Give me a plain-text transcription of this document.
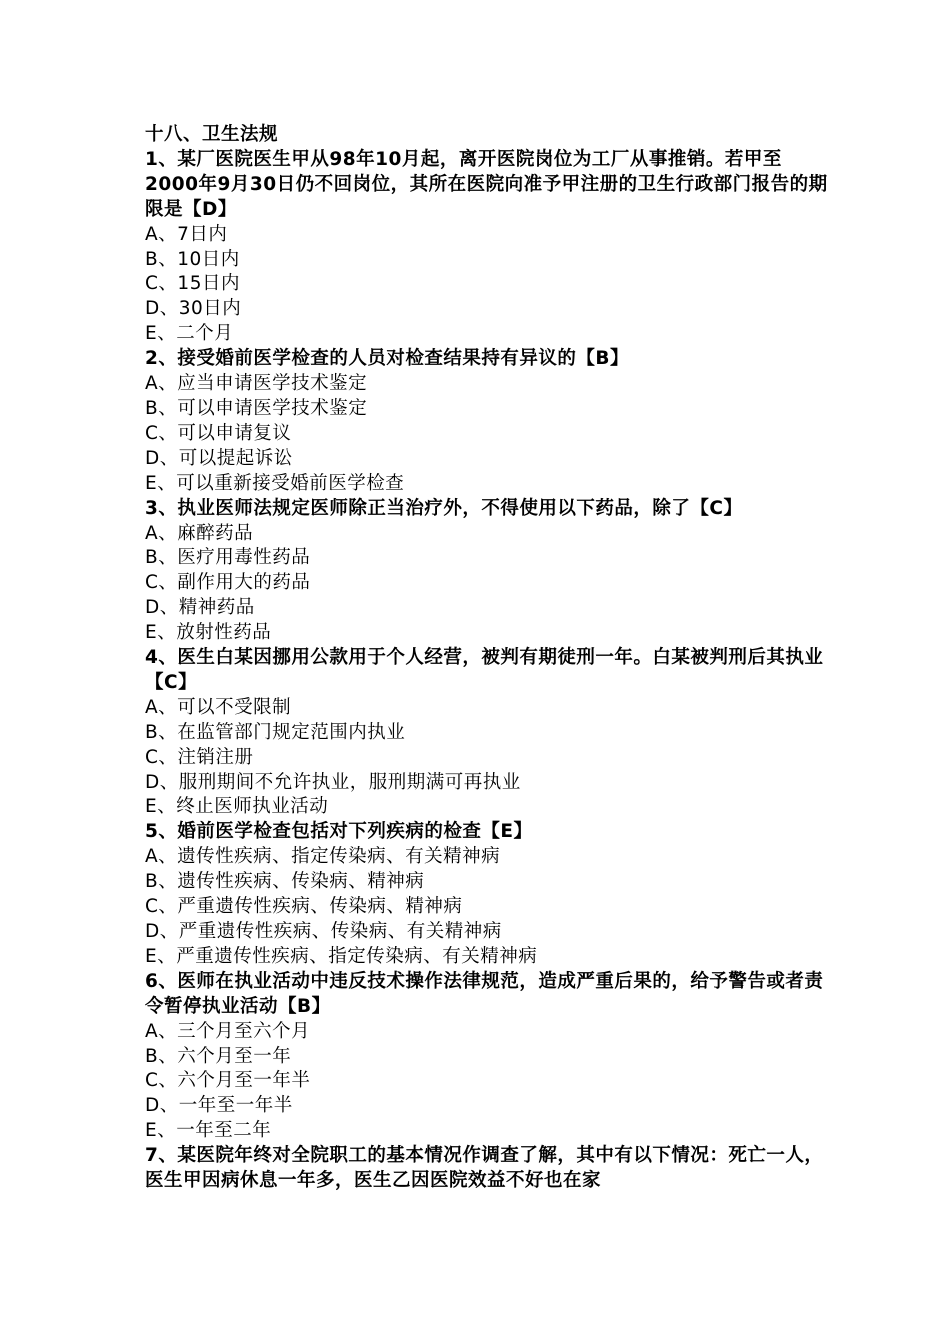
十八、卫生法规
1、某厂医院医生甲从98年10月起，离开医院岗位为工厂从事推销。若甲至2000年9月30日仍不回岗位，其所在医院向准予甲注册的卫生行政部门报告的期限是【D】
A、7日内
B、10日内
C、15日内
D、30日内
E、二个月
2、接受婚前医学检查的人员对检查结果持有异议的【B】
A、应当申请医学技术鉴定
B、可以申请医学技术鉴定
C、可以申请复议
D、可以提起诉讼
E、可以重新接受婚前医学检查
3、执业医师法规定医师除正当治疗外，不得使用以下药品，除了【C】
A、麻醉药品
B、医疗用毒性药品
C、副作用大的药品
D、精神药品
E、放射性药品
4、医生白某因挪用公款用于个人经营，被判有期徒刑一年。白某被判刑后其执业【C】
A、可以不受限制
B、在监管部门规定范围内执业
C、注销注册
D、服刑期间不允许执业，服刑期满可再执业
E、终止医师执业活动
5、婚前医学检查包括对下列疾病的检查【E】
A、遗传性疾病、指定传染病、有关精神病
B、遗传性疾病、传染病、精神病
C、严重遗传性疾病、传染病、精神病
D、严重遗传性疾病、传染病、有关精神病
E、严重遗传性疾病、指定传染病、有关精神病
6、医师在执业活动中违反技术操作法律规范，造成严重后果的，给予警告或者责令暂停执业活动【B】
A、三个月至六个月
B、六个月至一年
C、六个月至一年半
D、一年至一年半
E、一年至二年
7、某医院年终对全院职工的基本情况作调查了解，其中有以下情况：死亡一人，医生甲因病休息一年多，医生乙因医院效益不好也在家
